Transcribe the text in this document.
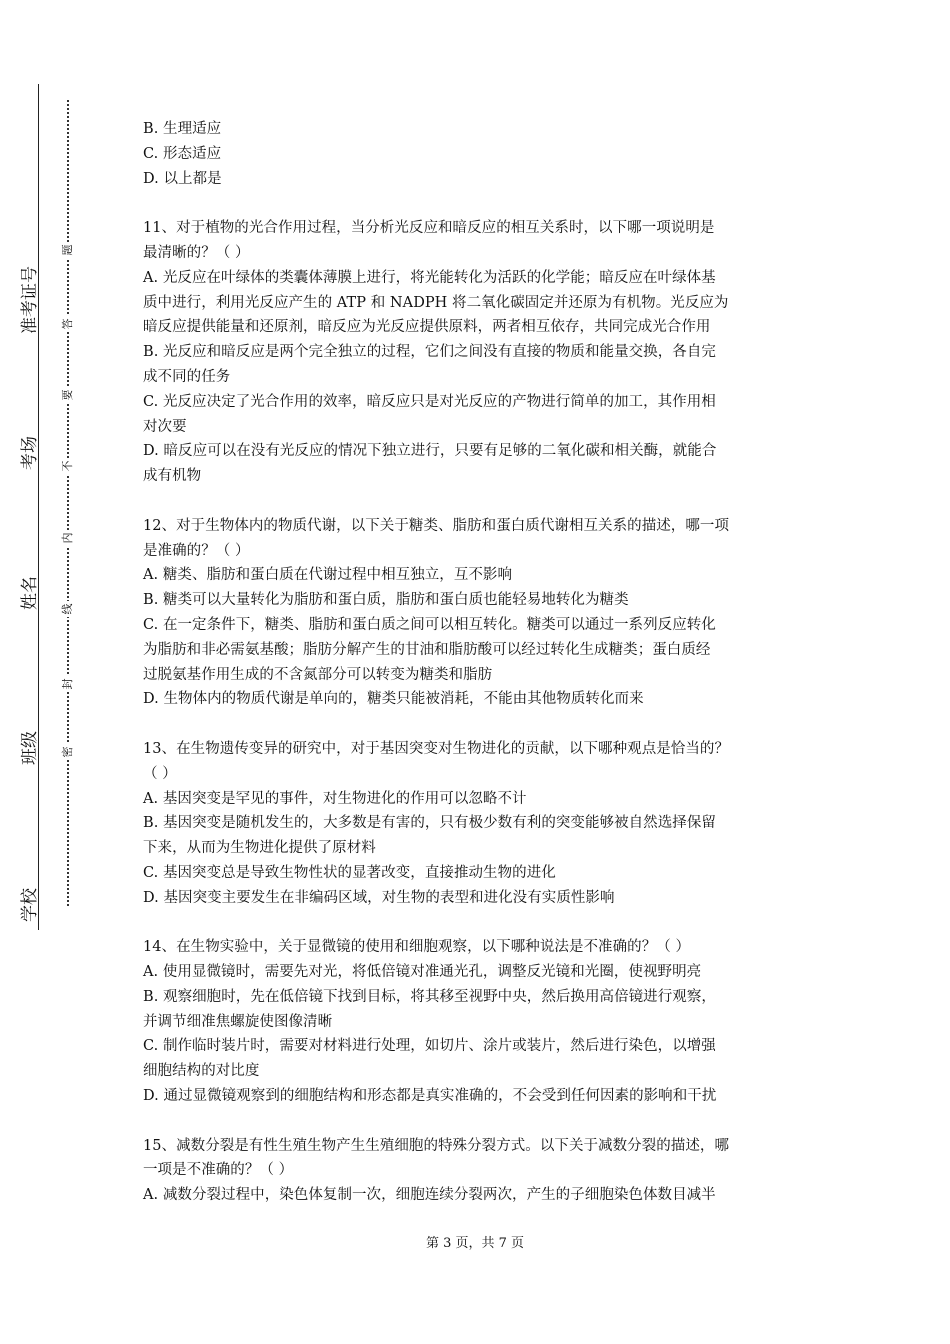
学校
班级
姓名
考场
准考证号
密
封
线
内
不
要
答
题
B. 生理适应
C. 形态适应
D. 以上都是
11、对于植物的光合作用过程，当分析光反应和暗反应的相互关系时，以下哪一项说明是
最清晰的？（ ）
A. 光反应在叶绿体的类囊体薄膜上进行，将光能转化为活跃的化学能；暗反应在叶绿体基
质中进行，利用光反应产生的 ATP 和 NADPH 将二氧化碳固定并还原为有机物。光反应为
暗反应提供能量和还原剂，暗反应为光反应提供原料，两者相互依存，共同完成光合作用
B. 光反应和暗反应是两个完全独立的过程，它们之间没有直接的物质和能量交换，各自完
成不同的任务
C. 光反应决定了光合作用的效率，暗反应只是对光反应的产物进行简单的加工，其作用相
对次要
D. 暗反应可以在没有光反应的情况下独立进行，只要有足够的二氧化碳和相关酶，就能合
成有机物
12、对于生物体内的物质代谢，以下关于糖类、脂肪和蛋白质代谢相互关系的描述，哪一项
是准确的？（ ）
A. 糖类、脂肪和蛋白质在代谢过程中相互独立，互不影响
B. 糖类可以大量转化为脂肪和蛋白质，脂肪和蛋白质也能轻易地转化为糖类
C. 在一定条件下，糖类、脂肪和蛋白质之间可以相互转化。糖类可以通过一系列反应转化
为脂肪和非必需氨基酸；脂肪分解产生的甘油和脂肪酸可以经过转化生成糖类；蛋白质经
过脱氨基作用生成的不含氮部分可以转变为糖类和脂肪
D. 生物体内的物质代谢是单向的，糖类只能被消耗，不能由其他物质转化而来
13、在生物遗传变异的研究中，对于基因突变对生物进化的贡献，以下哪种观点是恰当的？
（ ）
A. 基因突变是罕见的事件，对生物进化的作用可以忽略不计
B. 基因突变是随机发生的，大多数是有害的，只有极少数有利的突变能够被自然选择保留
下来，从而为生物进化提供了原材料
C. 基因突变总是导致生物性状的显著改变，直接推动生物的进化
D. 基因突变主要发生在非编码区域，对生物的表型和进化没有实质性影响
14、在生物实验中，关于显微镜的使用和细胞观察，以下哪种说法是不准确的？（ ）
A. 使用显微镜时，需要先对光，将低倍镜对准通光孔，调整反光镜和光圈，使视野明亮
B. 观察细胞时，先在低倍镜下找到目标，将其移至视野中央，然后换用高倍镜进行观察，
并调节细准焦螺旋使图像清晰
C. 制作临时装片时，需要对材料进行处理，如切片、涂片或装片，然后进行染色，以增强
细胞结构的对比度
D. 通过显微镜观察到的细胞结构和形态都是真实准确的，不会受到任何因素的影响和干扰
15、减数分裂是有性生殖生物产生生殖细胞的特殊分裂方式。以下关于减数分裂的描述，哪
一项是不准确的？（ ）
A. 减数分裂过程中，染色体复制一次，细胞连续分裂两次，产生的子细胞染色体数目减半
第 3 页，共 7 页
